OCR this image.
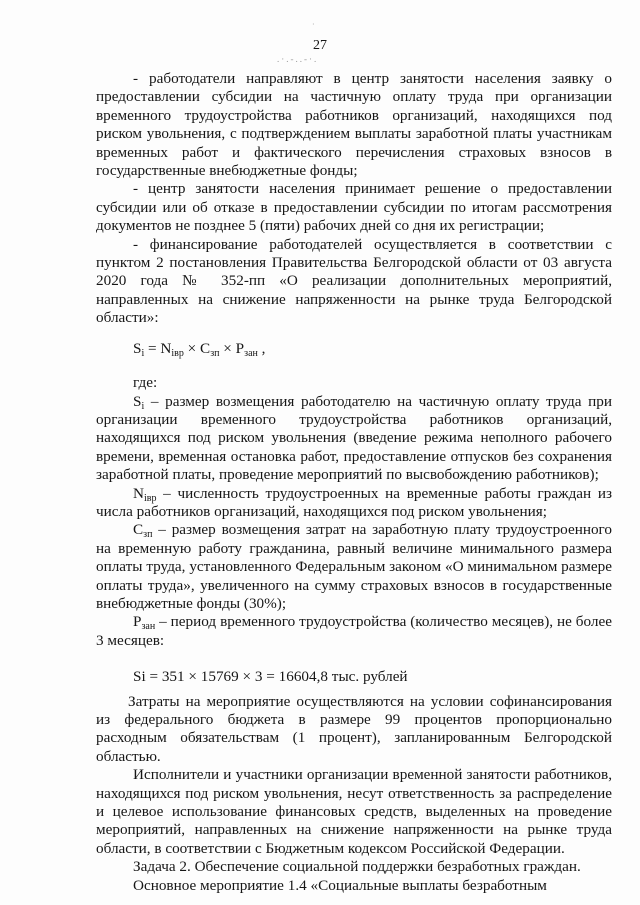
·
27
.·.-..-·.

- работодатели направляют в центр занятости населения заявку о предоставлении субсидии на частичную оплату труда при организации временного трудоустройства работников организаций, находящихся под риском увольнения, с подтверждением выплаты заработной платы участникам временных работ и фактического перечисления страховых взносов в государственные внебюджетные фонды;

- центр занятости населения принимает решение о предоставлении субсидии или об отказе в предоставлении субсидии по итогам рассмотрения документов не позднее 5 (пяти) рабочих дней со дня их регистрации;

- финансирование работодателей осуществляется в соответствии с пунктом 2 постановления Правительства Белгородской области от 03 августа 2020 года № 352-пп «О реализации дополнительных мероприятий, направленных на снижение напряженности на рынке труда Белгородской области»:

$S_i = N_{iвр} \times C_{зп} \times P_{зан}$ ,

где:

$S_i$ – размер возмещения работодателю на частичную оплату труда при организации временного трудоустройства работников организаций, находящихся под риском увольнения (введение режима неполного рабочего времени, временная остановка работ, предоставление отпусков без сохранения заработной платы, проведение мероприятий по высвобождению работников);

$N_{iвр}$ – численность трудоустроенных на временные работы граждан из числа работников организаций, находящихся под риском увольнения;

$C_{зп}$ – размер возмещения затрат на заработную плату трудоустроенного на временную работу гражданина, равный величине минимального размера оплаты труда, установленного Федеральным законом «О минимальном размере оплаты труда», увеличенного на сумму страховых взносов в государственные внебюджетные фонды (30%);

$P_{зан}$ – период временного трудоустройства (количество месяцев), не более 3 месяцев:

Si = 351 × 15769 × 3 = 16604,8 тыс. рублей

Затраты на мероприятие осуществляются на условии софинансирования из федерального бюджета в размере 99 процентов пропорционально расходным обязательствам (1 процент), запланированным Белгородской областью.

Исполнители и участники организации временной занятости работников, находящихся под риском увольнения, несут ответственность за распределение и целевое использование финансовых средств, выделенных на проведение мероприятий, направленных на снижение напряженности на рынке труда области, в соответствии с Бюджетным кодексом Российской Федерации.

Задача 2. Обеспечение социальной поддержки безработных граждан.

Основное мероприятие 1.4 «Социальные выплаты безработным
